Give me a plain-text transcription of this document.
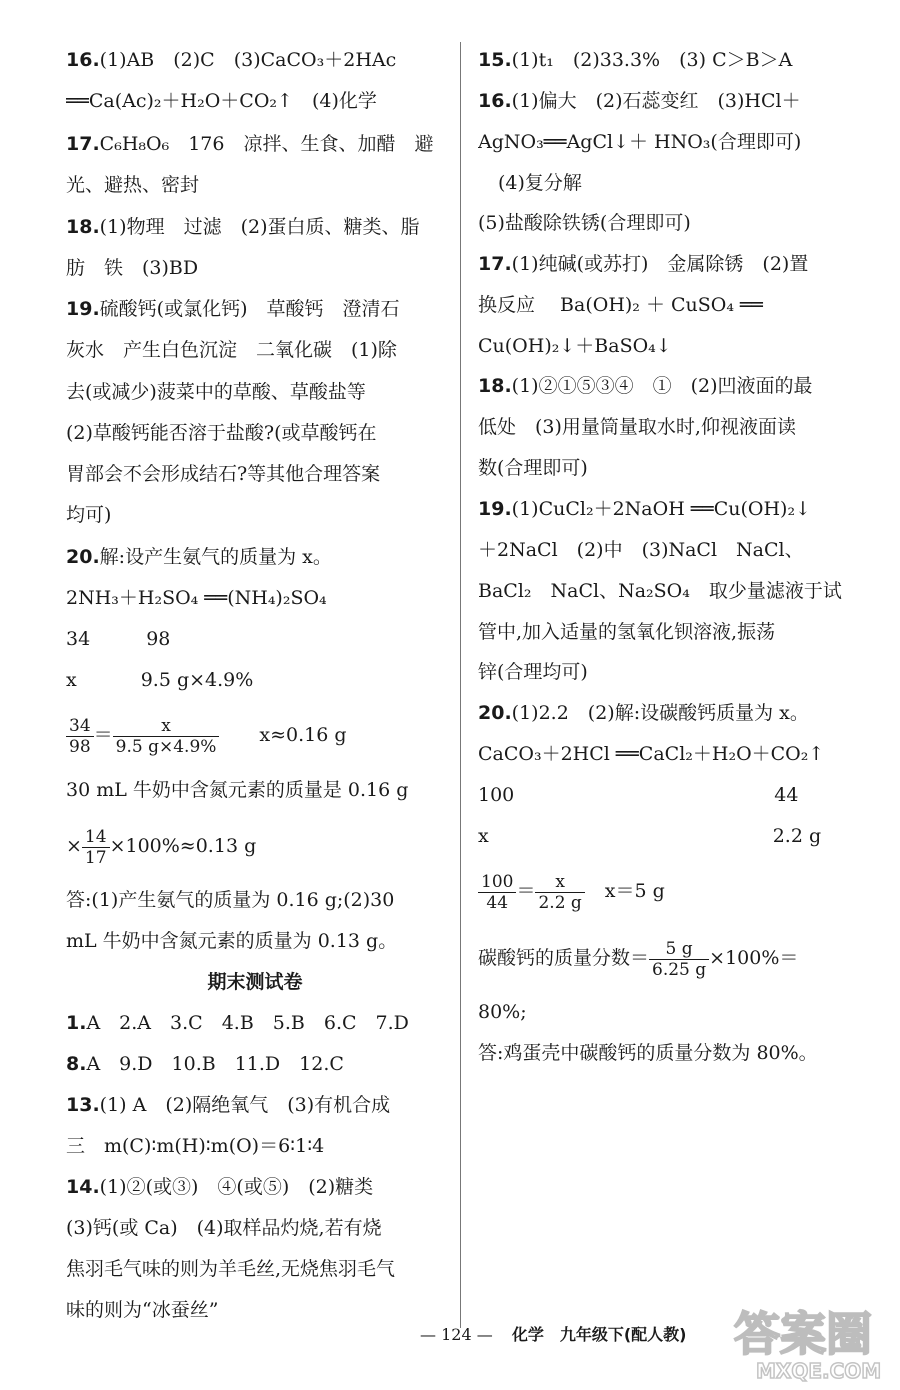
16.(1)AB　(2)C　(3)CaCO₃＋2HAc
══Ca(Ac)₂＋H₂O＋CO₂↑　(4)化学
17.C₆H₈O₆　176　凉拌、生食、加醋　避
光、避热、密封
18.(1)物理　过滤　(2)蛋白质、糖类、脂
肪　铁　(3)BD
19.硫酸钙(或氯化钙)　草酸钙　澄清石
灰水　产生白色沉淀　二氧化碳　(1)除
去(或减少)菠菜中的草酸、草酸盐等
(2)草酸钙能否溶于盐酸?(或草酸钙在
胃部会不会形成结石?等其他合理答案
均可)
20.解:设产生氨气的质量为 x。
2NH₃＋H₂SO₄ ══(NH₄)₂SO₄
34	98
x	9.5 g×4.9%
$\frac{34}{98} = \frac{x}{9.5 g\times 4.9\%} x\approx 0.16$ g
30 mL 牛奶中含氮元素的质量是 0.16 g
× $\frac{14}{17} \times 100\%\approx 0.13$ g
答:(1)产生氨气的质量为 0.16 g;(2)30
mL 牛奶中含氮元素的质量为 0.13 g。
期末测试卷
1.A　2.A　3.C　4.B　5.B　6.C　7.D
8.A　9.D　10.B　11.D　12.C
13.(1) A　(2)隔绝氧气　(3)有机合成
三　m(C)∶m(H)∶m(O)＝6∶1∶4
14.(1)②(或③)　④(或⑤)　(2)糖类
(3)钙(或 Ca)　(4)取样品灼烧,若有烧
焦羽毛气味的则为羊毛丝,无烧焦羽毛气
味的则为“冰蚕丝”
15.(1)t₁　(2)33.3%　(3) C＞B＞A
16.(1)偏大　(2)石蕊变红　(3)HCl＋
AgNO₃══AgCl↓＋ HNO₃(合理即可)
(4)复分解
(5)盐酸除铁锈(合理即可)
17.(1)纯碱(或苏打)　金属除锈　(2)置
换反应　 Ba(OH)₂ ＋ CuSO₄ ══
Cu(OH)₂↓＋BaSO₄↓
18.(1)②①⑤③④　①　(2)凹液面的最
低处　(3)用量筒量取水时,仰视液面读
数(合理即可)
19.(1)CuCl₂＋2NaOH ══Cu(OH)₂↓
＋2NaCl　(2)中　(3)NaCl　NaCl、
BaCl₂　NaCl、Na₂SO₄　取少量滤液于试
管中,加入适量的氢氧化钡溶液,振荡
锌(合理均可)
20.(1)2.2　(2)解:设碳酸钙质量为 x。
CaCO₃＋2HCl ══CaCl₂＋H₂O＋CO₂↑
100	44
x	2.2 g
$\frac{100}{44} = \frac{x}{2.2 g} x=5$ g
碳酸钙的质量分数＝ $\frac{5 g}{6.25 g} \times 100\%=$
80%;
答:鸡蛋壳中碳酸钙的质量分数为 80%。
— 124 — 化学　九年级下(配人教) 答案圈
MXQE.COM
